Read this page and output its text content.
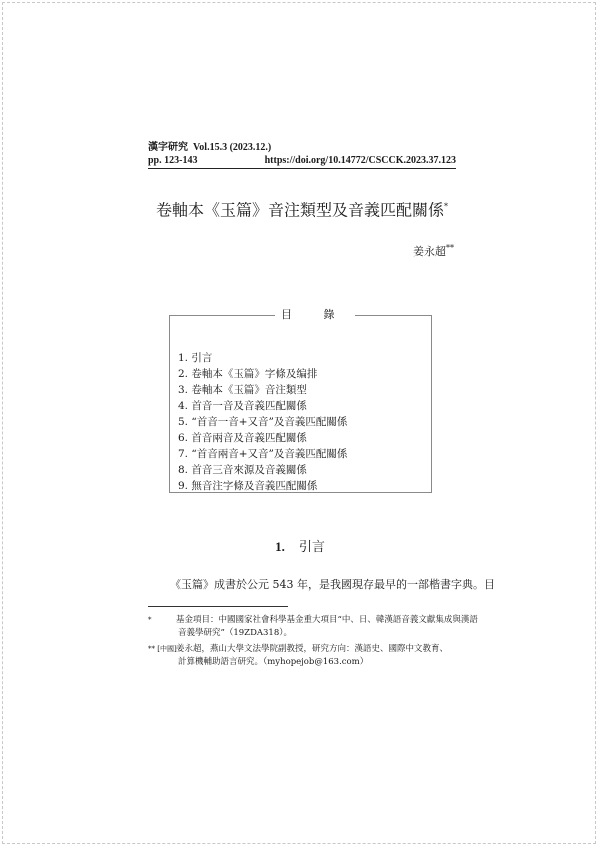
漢字研究 Vol.15.3 (2023.12.)
pp. 123-143	https://doi.org/10.14772/CSCCK.2023.37.123
卷軸本《玉篇》音注類型及音義匹配關係*
姜永超**
目 錄
1. 引言
2. 卷軸本《玉篇》字條及编排
3. 卷軸本《玉篇》音注類型
4. 首音一音及音義匹配關係
5. “首音一音+又音”及音義匹配關係
6. 首音兩音及音義匹配關係
7. “首音兩音+又音”及音義匹配關係
8. 首音三音來源及音義關係
9. 無音注字條及音義匹配關係
1. 引言
《玉篇》成書於公元 543 年，是我國現存最早的一部楷書字典。目
*	基金項目：中國國家社會科學基金重大項目“中、日、韓漢語音義文獻集成與漢語
音義學研究”（19ZDA318）。
** [中國]姜永超，燕山大學文法學院副教授，研究方向：漢語史、國際中文教育、
計算機輔助語言研究。（myhopejob@163.com）
